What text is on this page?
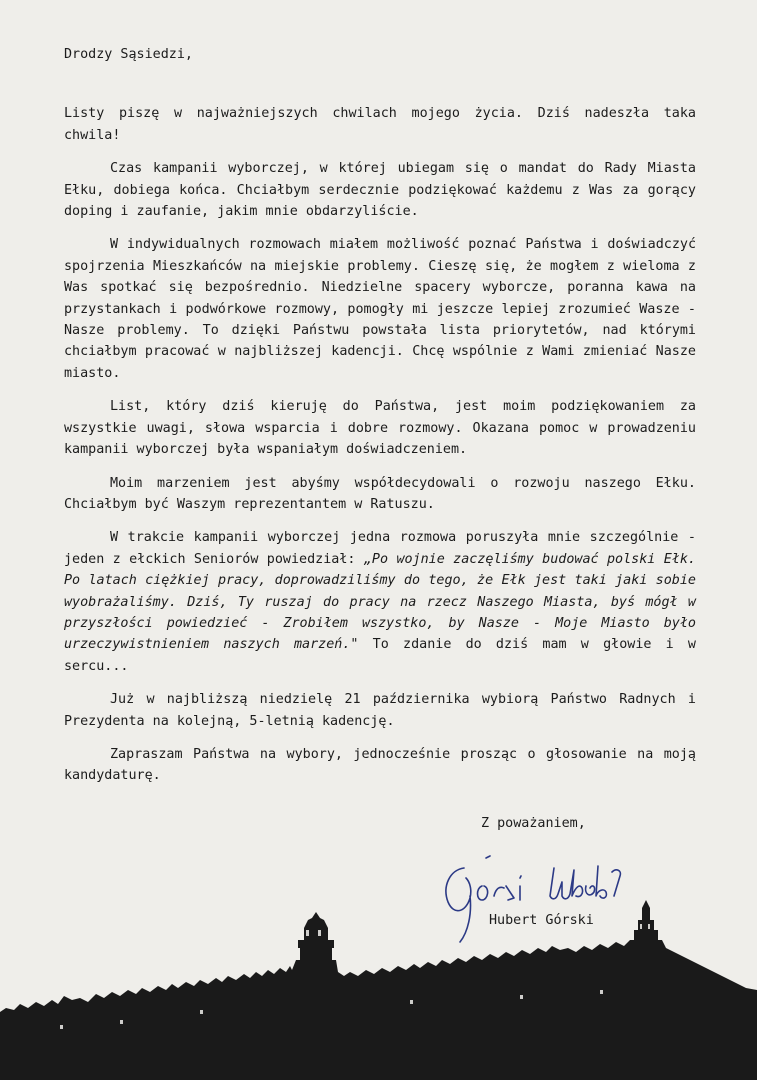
Drodzy Sąsiedzi,

Listy piszę w najważniejszych chwilach mojego życia. Dziś nadeszła taka chwila!

Czas kampanii wyborczej, w której ubiegam się o mandat do Rady Miasta Ełku, dobiega końca. Chciałbym serdecznie podziękować każdemu z Was za gorący doping i zaufanie, jakim mnie obdarzyliście.

W indywidualnych rozmowach miałem możliwość poznać Państwa i doświadczyć spojrzenia Mieszkańców na miejskie problemy. Cieszę się, że mogłem z wieloma z Was spotkać się bezpośrednio. Niedzielne spacery wyborcze, poranna kawa na przystankach i podwórkowe rozmowy, pomogły mi jeszcze lepiej zrozumieć Wasze - Nasze problemy. To dzięki Państwu powstała lista priorytetów, nad którymi chciałbym pracować w najbliższej kadencji. Chcę wspólnie z Wami zmieniać Nasze miasto.

List, który dziś kieruję do Państwa, jest moim podziękowaniem za wszystkie uwagi, słowa wsparcia i dobre rozmowy. Okazana pomoc w prowadzeniu kampanii wyborczej była wspaniałym doświadczeniem.

Moim marzeniem jest abyśmy współdecydowali o rozwoju naszego Ełku. Chciałbym być Waszym reprezentantem w Ratuszu.

W trakcie kampanii wyborczej jedna rozmowa poruszyła mnie szczególnie - jeden z ełckich Seniorów powiedział: „Po wojnie zaczęliśmy budować polski Ełk. Po latach ciężkiej pracy, doprowadziliśmy do tego, że Ełk jest taki jaki sobie wyobrażaliśmy. Dziś, Ty ruszaj do pracy na rzecz Naszego Miasta, byś mógł w przyszłości powiedzieć - Zrobiłem wszystko, by Nasze - Moje Miasto było urzeczywistnieniem naszych marzeń." To zdanie do dziś mam w głowie i w sercu...

Już w najbliższą niedzielę 21 października wybiorą Państwo Radnych i Prezydenta na kolejną, 5-letnią kadencję.

Zapraszam Państwa na wybory, jednocześnie prosząc o głosowanie na moją kandydaturę.

Z poważaniem,
Hubert Górski
